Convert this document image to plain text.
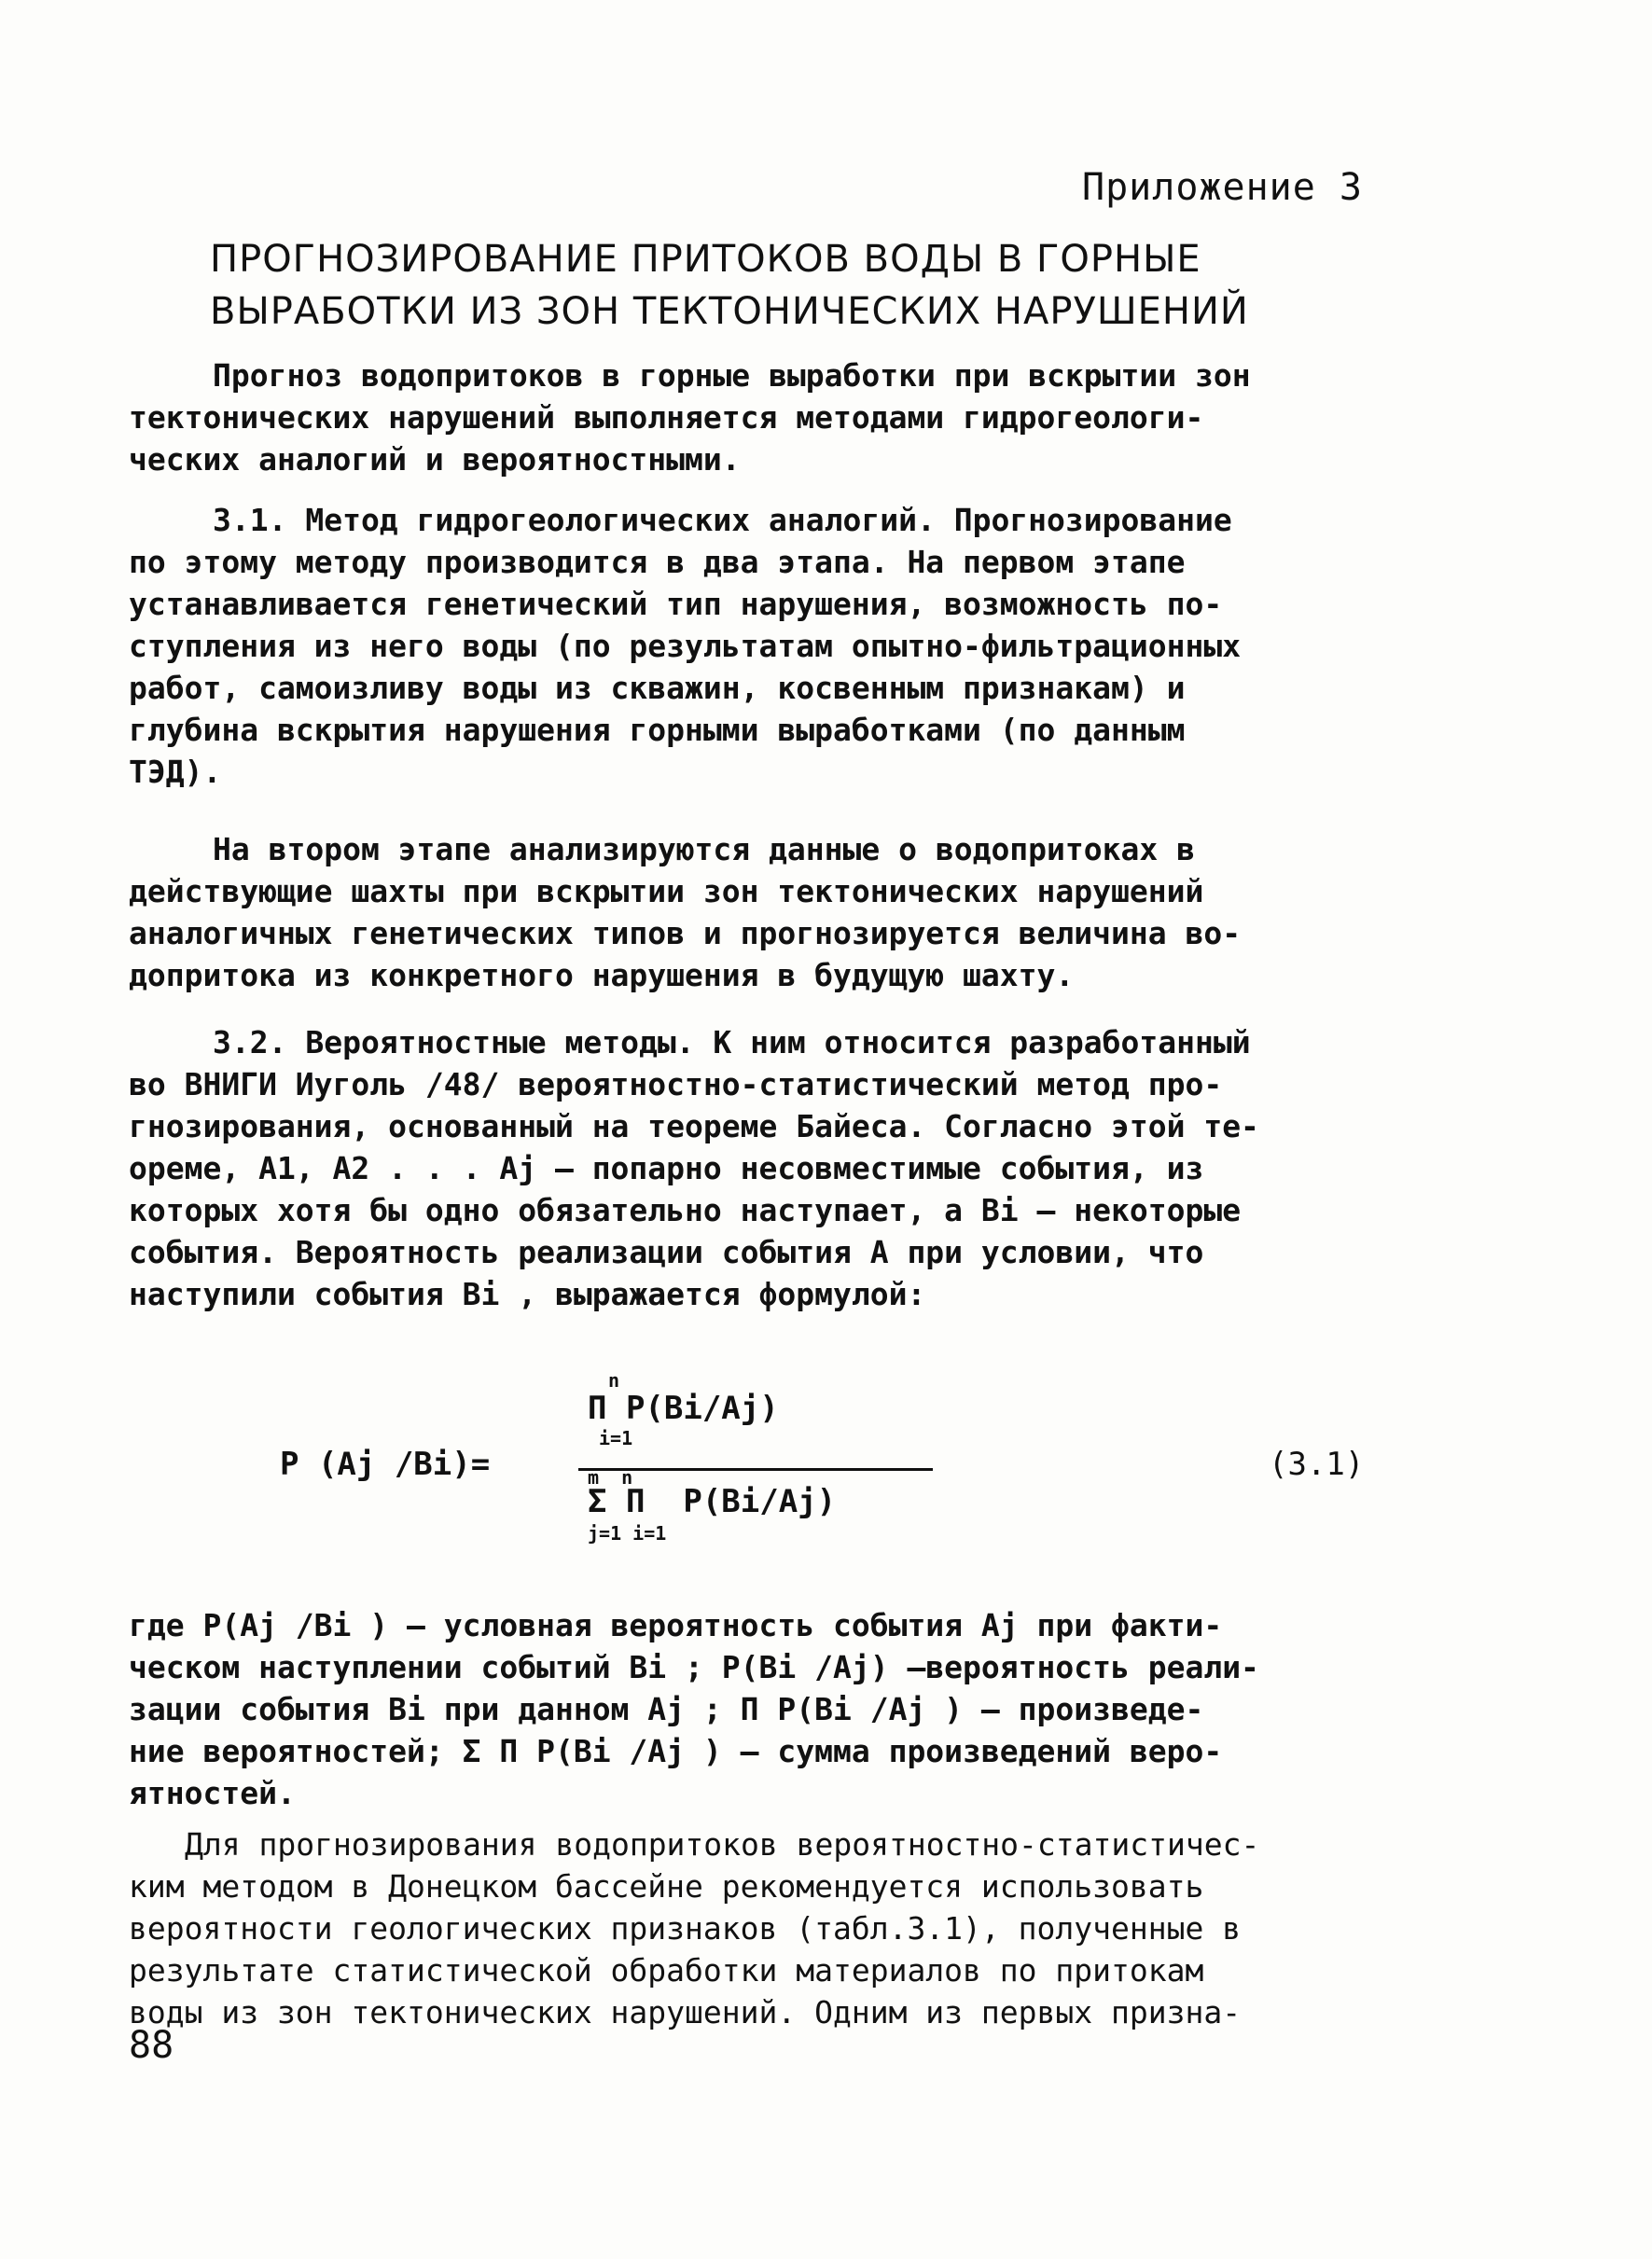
Приложение 3
ПРОГНОЗИРОВАНИЕ ПРИТОКОВ ВОДЫ В ГОРНЫЕ
ВЫРАБОТКИ ИЗ ЗОН ТЕКТОНИЧЕСКИХ НАРУШЕНИЙ
Прогноз водопритоков в горные выработки при вскрытии зон
тектонических нарушений выполняется методами гидрогеологи-
ческих аналогий и вероятностными.
3.1. Метод гидрогеологических аналогий. Прогнозирование
по этому методу производится в два этапа. На первом этапе
устанавливается генетический тип нарушения, возможность по-
ступления из него воды (по результатам опытно-фильтрационных
работ, самоизливу воды из скважин, косвенным признакам) и
глубина вскрытия нарушения горными выработками (по данным
ТЭД).
На втором этапе анализируются данные о водопритоках в
действующие шахты при вскрытии зон тектонических нарушений
аналогичных генетических типов и прогнозируется величина во-
допритока из конкретного нарушения в будущую шахту.
3.2. Вероятностные методы. К ним относится разработанный
во ВНИГИ Иуголь /48/ вероятностно-статистический метод про-
гнозирования, основанный на теореме Байеса. Согласно этой те-
ореме, A1, A2 . . . Aj – попарно несовместимые события, из
которых хотя бы одно обязательно наступает, а Bi – некоторые
события. Вероятность реализации события A при условии, что
наступили события Bi , выражается формулой:
P (Aj /Bi)=
n
Π P(Bi/Aj)
i=1
m  n
Σ Π  P(Bi/Aj)
j=1 i=1
(3.1)
где P(Aj /Bi ) – условная вероятность события Aj при факти-
ческом наступлении событий Bi ; P(Bi /Aj) –вероятность реали-
зации события Bi при данном Aj ; Π P(Bi /Aj ) – произведе-
ние вероятностей; Σ Π P(Bi /Aj ) – сумма произведений веро-
ятностей.
Для прогнозирования водопритоков вероятностно-статистичес-
ким методом в Донецком бассейне рекомендуется использовать
вероятности геологических признаков (табл.3.1), полученные в
результате статистической обработки материалов по притокам
воды из зон тектонических нарушений. Одним из первых призна-
88
